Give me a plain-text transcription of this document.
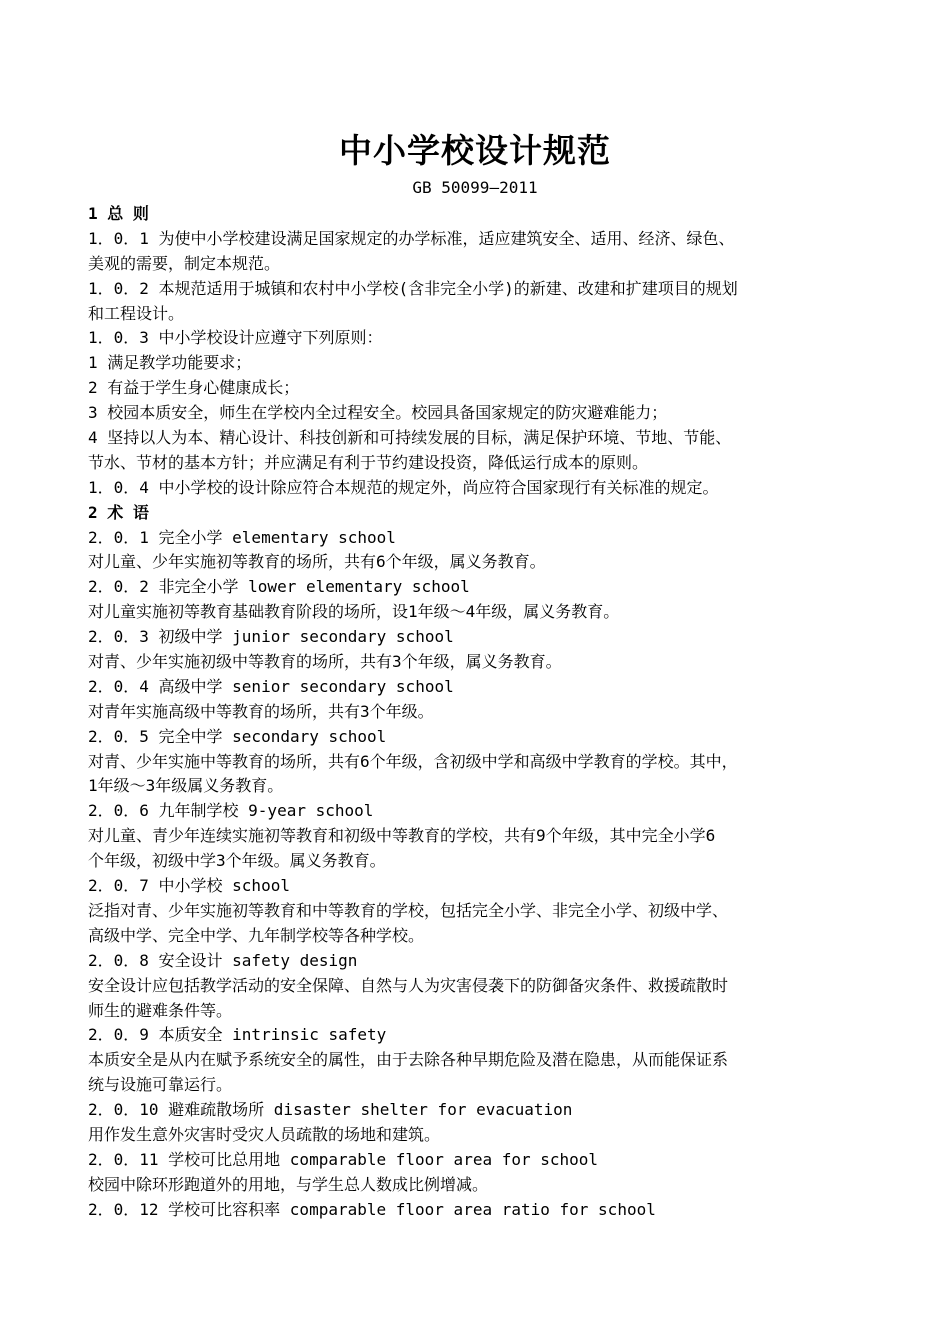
中小学校设计规范
GB 50099—2011
1 总 则
1．0．1 为使中小学校建设满足国家规定的办学标准，适应建筑安全、适用、经济、绿色、
美观的需要，制定本规范。
1．0．2 本规范适用于城镇和农村中小学校(含非完全小学)的新建、改建和扩建项目的规划
和工程设计。
1．0．3 中小学校设计应遵守下列原则：
1 满足教学功能要求；
2 有益于学生身心健康成长；
3 校园本质安全，师生在学校内全过程安全。校园具备国家规定的防灾避难能力；
4 坚持以人为本、精心设计、科技创新和可持续发展的目标，满足保护环境、节地、节能、
节水、节材的基本方针；并应满足有利于节约建设投资，降低运行成本的原则。
1．0．4 中小学校的设计除应符合本规范的规定外，尚应符合国家现行有关标准的规定。
2 术 语
2．0．1 完全小学 elementary school
对儿童、少年实施初等教育的场所，共有6个年级，属义务教育。
2．0．2 非完全小学 lower elementary school
对儿童实施初等教育基础教育阶段的场所，设1年级～4年级，属义务教育。
2．0．3 初级中学 junior secondary school
对青、少年实施初级中等教育的场所，共有3个年级，属义务教育。
2．0．4 高级中学 senior secondary school
对青年实施高级中等教育的场所，共有3个年级。
2．0．5 完全中学 secondary school
对青、少年实施中等教育的场所，共有6个年级，含初级中学和高级中学教育的学校。其中，
1年级～3年级属义务教育。
2．0．6 九年制学校 9-year school
对儿童、青少年连续实施初等教育和初级中等教育的学校，共有9个年级，其中完全小学6
个年级，初级中学3个年级。属义务教育。
2．0．7 中小学校 school
泛指对青、少年实施初等教育和中等教育的学校，包括完全小学、非完全小学、初级中学、
高级中学、完全中学、九年制学校等各种学校。
2．0．8 安全设计 safety design
安全设计应包括教学活动的安全保障、自然与人为灾害侵袭下的防御备灾条件、救援疏散时
师生的避难条件等。
2．0．9 本质安全 intrinsic safety
本质安全是从内在赋予系统安全的属性，由于去除各种早期危险及潜在隐患，从而能保证系
统与设施可靠运行。
2．0．10 避难疏散场所 disaster shelter for evacuation
用作发生意外灾害时受灾人员疏散的场地和建筑。
2．0．11 学校可比总用地 comparable floor area for school
校园中除环形跑道外的用地，与学生总人数成比例增减。
2．0．12 学校可比容积率 comparable floor area ratio for school
